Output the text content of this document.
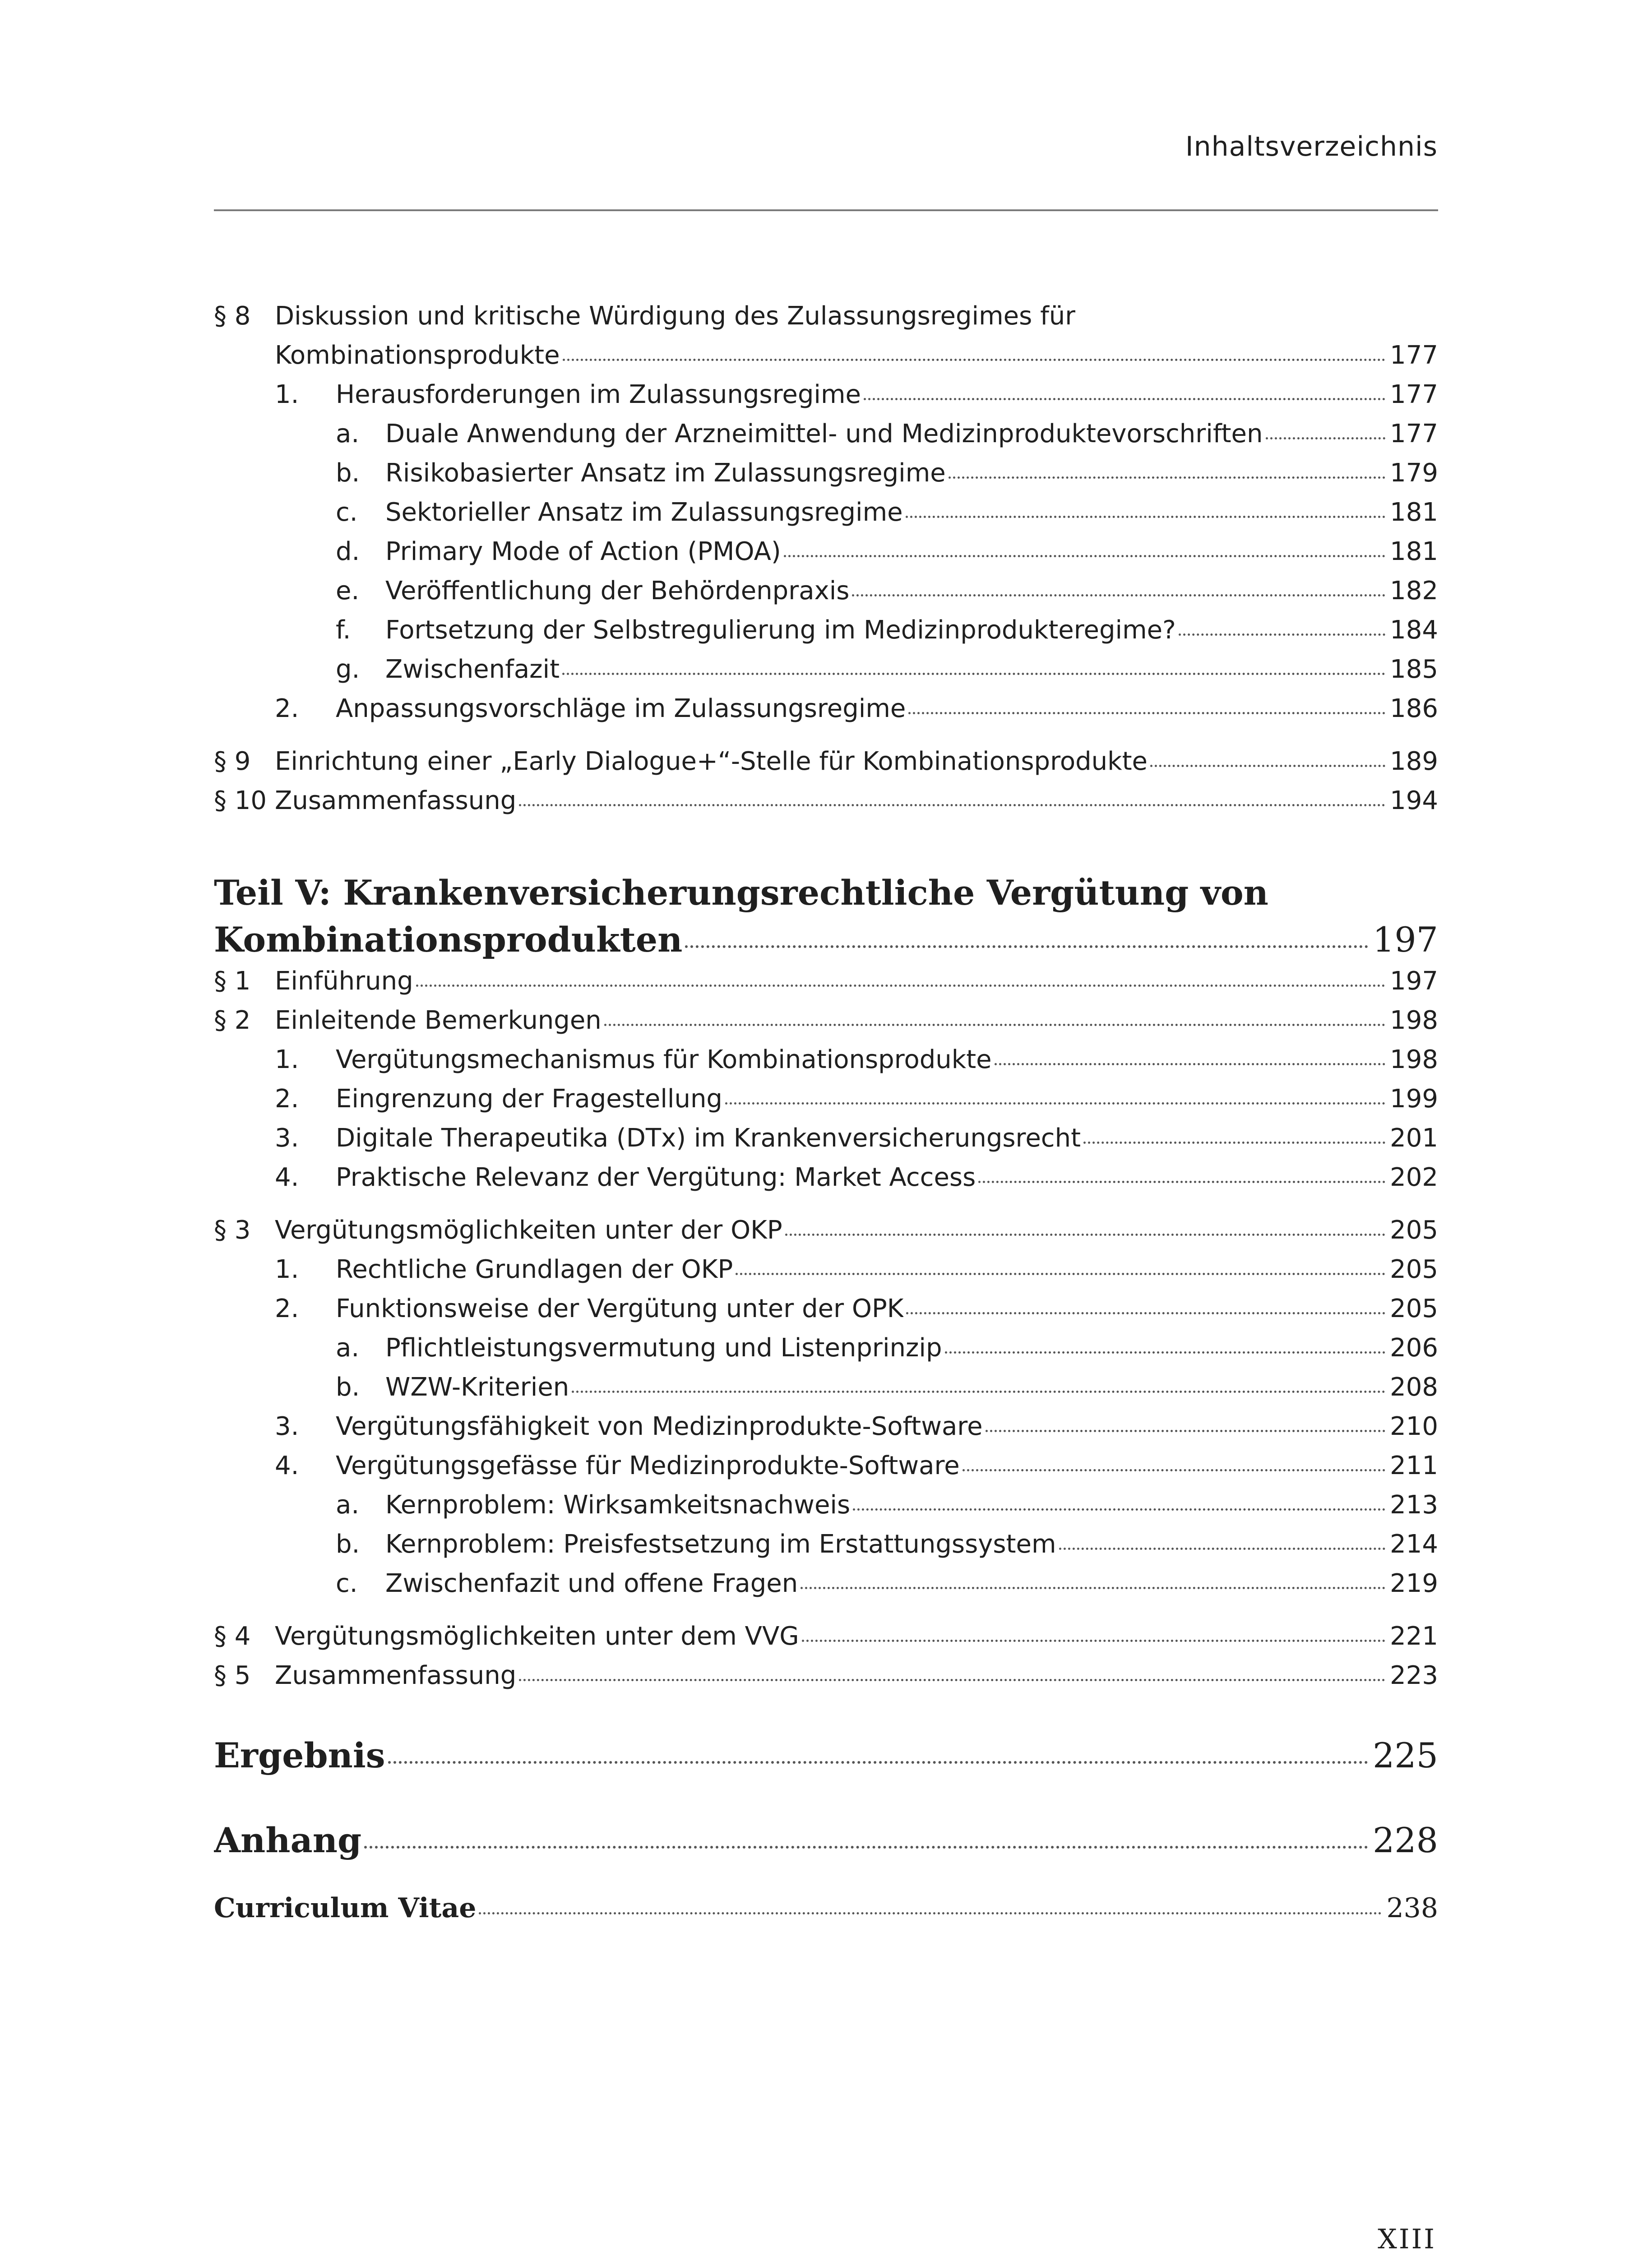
Inhaltsverzeichnis
§ 8 Diskussion und kritische Würdigung des Zulassungsregimes für
Kombinationsprodukte	177
1.	Herausforderungen im Zulassungsregime	177
a.	Duale Anwendung der Arzneimittel- und Medizinproduktevorschriften	177
b.	Risikobasierter Ansatz im Zulassungsregime	179
c.	Sektorieller Ansatz im Zulassungsregime	181
d.	Primary Mode of Action (PMOA)	181
e.	Veröffentlichung der Behördenpraxis	182
f.	Fortsetzung der Selbstregulierung im Medizinprodukteregime?	184
g.	Zwischenfazit	185
2.	Anpassungsvorschläge im Zulassungsregime	186
§ 9 Einrichtung einer „Early Dialogue+“-Stelle für Kombinationsprodukte	189
§ 10 Zusammenfassung	194
Teil V: Krankenversicherungsrechtliche Vergütung von
Kombinationsprodukten	197
§ 1 Einführung	197
§ 2 Einleitende Bemerkungen	198
1.	Vergütungsmechanismus für Kombinationsprodukte	198
2.	Eingrenzung der Fragestellung	199
3.	Digitale Therapeutika (DTx) im Krankenversicherungsrecht	201
4.	Praktische Relevanz der Vergütung: Market Access	202
§ 3 Vergütungsmöglichkeiten unter der OKP	205
1.	Rechtliche Grundlagen der OKP	205
2.	Funktionsweise der Vergütung unter der OPK	205
a.	Pflichtleistungsvermutung und Listenprinzip	206
b.	WZW-Kriterien	208
3.	Vergütungsfähigkeit von Medizinprodukte-Software	210
4.	Vergütungsgefässe für Medizinprodukte-Software	211
a.	Kernproblem: Wirksamkeitsnachweis	213
b.	Kernproblem: Preisfestsetzung im Erstattungssystem	214
c.	Zwischenfazit und offene Fragen	219
§ 4 Vergütungsmöglichkeiten unter dem VVG	221
§ 5 Zusammenfassung	223
Ergebnis	225
Anhang	228
Curriculum Vitae	238
XIII
